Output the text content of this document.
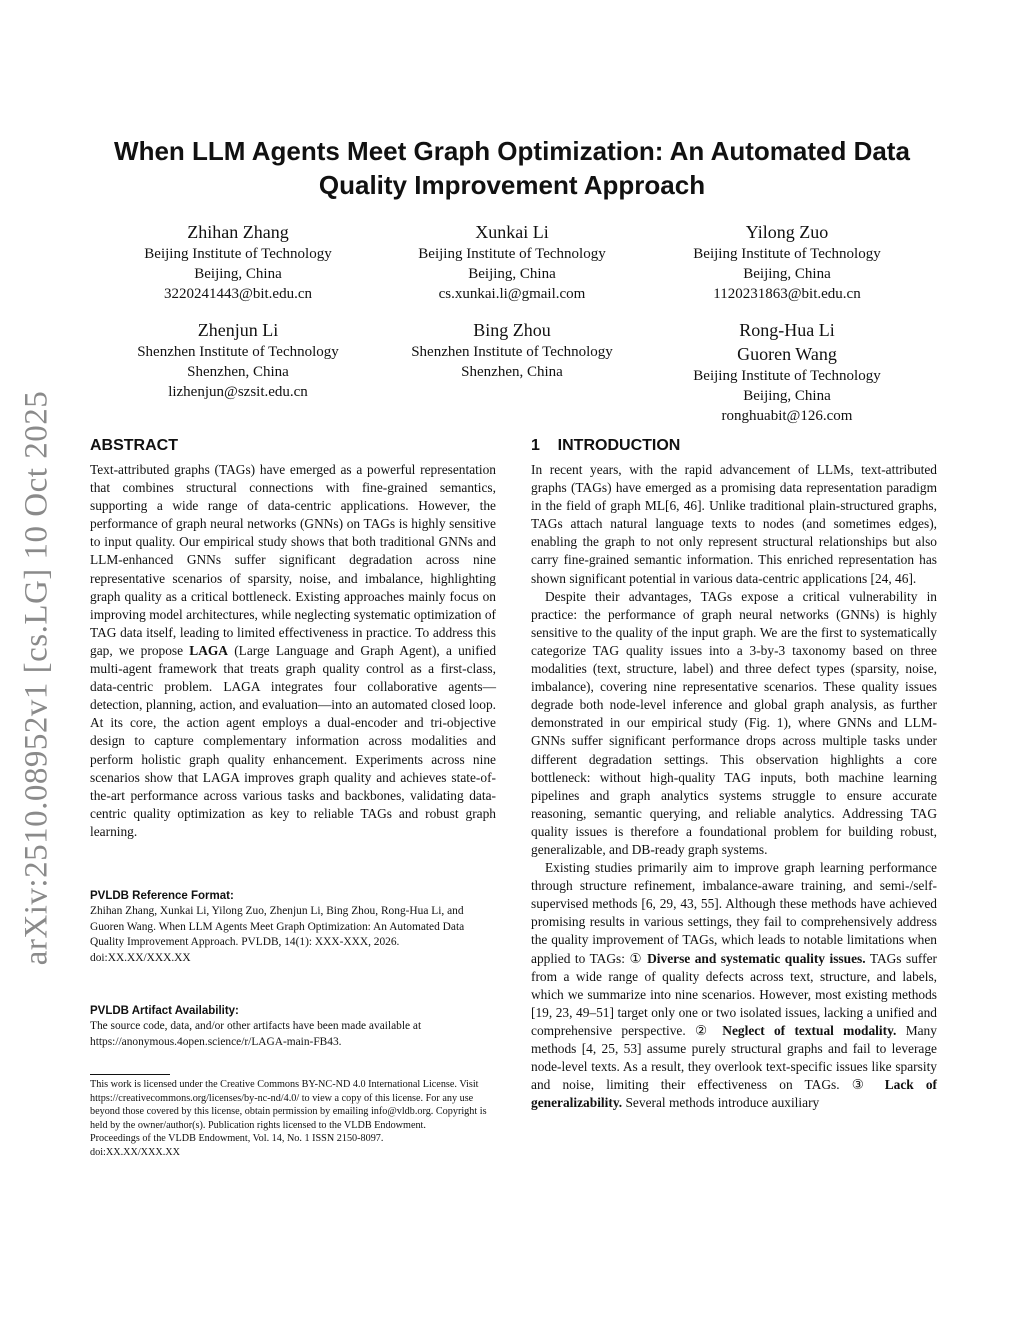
arXiv:2510.08952v1 [cs.LG] 10 Oct 2025
When LLM Agents Meet Graph Optimization: An Automated Data Quality Improvement Approach
Zhihan Zhang
Beijing Institute of Technology
Beijing, China
3220241443@bit.edu.cn
Xunkai Li
Beijing Institute of Technology
Beijing, China
cs.xunkai.li@gmail.com
Yilong Zuo
Beijing Institute of Technology
Beijing, China
1120231863@bit.edu.cn
Zhenjun Li
Shenzhen Institute of Technology
Shenzhen, China
lizhenjun@szsit.edu.cn
Bing Zhou
Shenzhen Institute of Technology
Shenzhen, China
Rong-Hua Li
Guoren Wang
Beijing Institute of Technology
Beijing, China
ronghuabit@126.com
ABSTRACT

Text-attributed graphs (TAGs) have emerged as a powerful representation that combines structural connections with fine-grained semantics, supporting a wide range of data-centric applications. However, the performance of graph neural networks (GNNs) on TAGs is highly sensitive to input quality. Our empirical study shows that both traditional GNNs and LLM-enhanced GNNs suffer significant degradation across nine representative scenarios of sparsity, noise, and imbalance, highlighting graph quality as a critical bottleneck. Existing approaches mainly focus on improving model architectures, while neglecting systematic optimization of TAG data itself, leading to limited effectiveness in practice. To address this gap, we propose LAGA (Large Language and Graph Agent), a unified multi-agent framework that treats graph quality control as a first-class, data-centric problem. LAGA integrates four collaborative agents—detection, planning, action, and evaluation—into an automated closed loop. At its core, the action agent employs a dual-encoder and tri-objective design to capture complementary information across modalities and perform holistic graph quality enhancement. Experiments across nine scenarios show that LAGA improves graph quality and achieves state-of-the-art performance across various tasks and backbones, validating data-centric quality optimization as key to reliable TAGs and robust graph learning.

PVLDB Reference Format:

Zhihan Zhang, Xunkai Li, Yilong Zuo, Zhenjun Li, Bing Zhou, Rong-Hua Li, and Guoren Wang. When LLM Agents Meet Graph Optimization: An Automated Data Quality Improvement Approach. PVLDB, 14(1): XXX-XXX, 2026.

doi:XX.XX/XXX.XX

PVLDB Artifact Availability:

The source code, data, and/or other artifacts have been made available at https://anonymous.4open.science/r/LAGA-main-FB43.

This work is licensed under the Creative Commons BY-NC-ND 4.0 International License. Visit https://creativecommons.org/licenses/by-nc-nd/4.0/ to view a copy of this license. For any use beyond those covered by this license, obtain permission by emailing info@vldb.org. Copyright is held by the owner/author(s). Publication rights licensed to the VLDB Endowment.

Proceedings of the VLDB Endowment, Vol. 14, No. 1 ISSN 2150-8097.

doi:XX.XX/XXX.XX

1    INTRODUCTION

In recent years, with the rapid advancement of LLMs, text-attributed graphs (TAGs) have emerged as a promising data representation paradigm in the field of graph ML[6, 46]. Unlike traditional plain-structured graphs, TAGs attach natural language texts to nodes (and sometimes edges), enabling the graph to not only represent structural relationships but also carry fine-grained semantic information. This enriched representation has shown significant potential in various data-centric applications [24, 46].

Despite their advantages, TAGs expose a critical vulnerability in practice: the performance of graph neural networks (GNNs) is highly sensitive to the quality of the input graph. We are the first to systematically categorize TAG quality issues into a 3-by-3 taxonomy based on three modalities (text, structure, label) and three defect types (sparsity, noise, imbalance), covering nine representative scenarios. These quality issues degrade both node-level inference and global graph analysis, as further demonstrated in our empirical study (Fig. 1), where GNNs and LLM-GNNs suffer significant performance drops across multiple tasks under different degradation settings. This observation highlights a core bottleneck: without high-quality TAG inputs, both machine learning pipelines and graph analytics systems struggle to ensure accurate reasoning, semantic querying, and reliable analytics. Addressing TAG quality issues is therefore a foundational problem for building robust, generalizable, and DB-ready graph systems.

Existing studies primarily aim to improve graph learning performance through structure refinement, imbalance-aware training, and semi-/self-supervised methods [6, 29, 43, 55]. Although these methods have achieved promising results in various settings, they fail to comprehensively address the quality improvement of TAGs, which leads to notable limitations when applied to TAGs: ① Diverse and systematic quality issues. TAGs suffer from a wide range of quality defects across text, structure, and labels, which we summarize into nine scenarios. However, most existing methods [19, 23, 49–51] target only one or two isolated issues, lacking a unified and comprehensive perspective. ② Neglect of textual modality. Many methods [4, 25, 53] assume purely structural graphs and fail to leverage node-level texts. As a result, they overlook text-specific issues like sparsity and noise, limiting their effectiveness on TAGs. ③ Lack of generalizability. Several methods introduce auxiliary
